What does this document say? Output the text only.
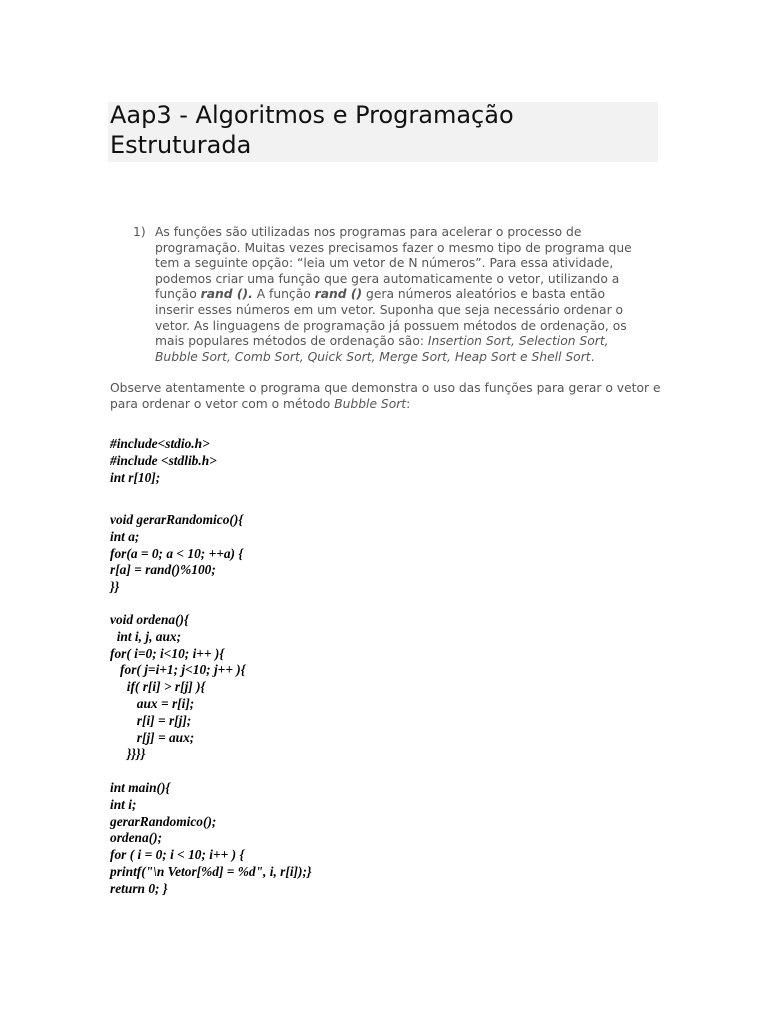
Aap3 - Algoritmos e Programação
Estruturada
1) As funções são utilizadas nos programas para acelerar o processo de
programação. Muitas vezes precisamos fazer o mesmo tipo de programa que
tem a seguinte opção: “leia um vetor de N números”. Para essa atividade,
podemos criar uma função que gera automaticamente o vetor, utilizando a
função rand (). A função rand () gera números aleatórios e basta então
inserir esses números em um vetor. Suponha que seja necessário ordenar o
vetor. As linguagens de programação já possuem métodos de ordenação, os
mais populares métodos de ordenação são: Insertion Sort, Selection Sort,
Bubble Sort, Comb Sort, Quick Sort, Merge Sort, Heap Sort e Shell Sort.

Observe atentamente o programa que demonstra o uso das funções para gerar o vetor e para ordenar o vetor com o método Bubble Sort:

#include<stdio.h>
#include <stdlib.h>
int r[10];
void gerarRandomico(){
int a;
for(a = 0; a < 10; ++a) {
r[a] = rand()%100;
}}
void ordena(){
int i, j, aux;
for( i=0; i<10; i++ ){
for( j=i+1; j<10; j++ ){
if( r[i] > r[j] ){
aux = r[i];
r[i] = r[j];
r[j] = aux;
}}}}
int main(){
int i;
gerarRandomico();
ordena();
for ( i = 0; i < 10; i++ ) {
printf("\n Vetor[%d] = %d", i, r[i]);}
return 0; }
